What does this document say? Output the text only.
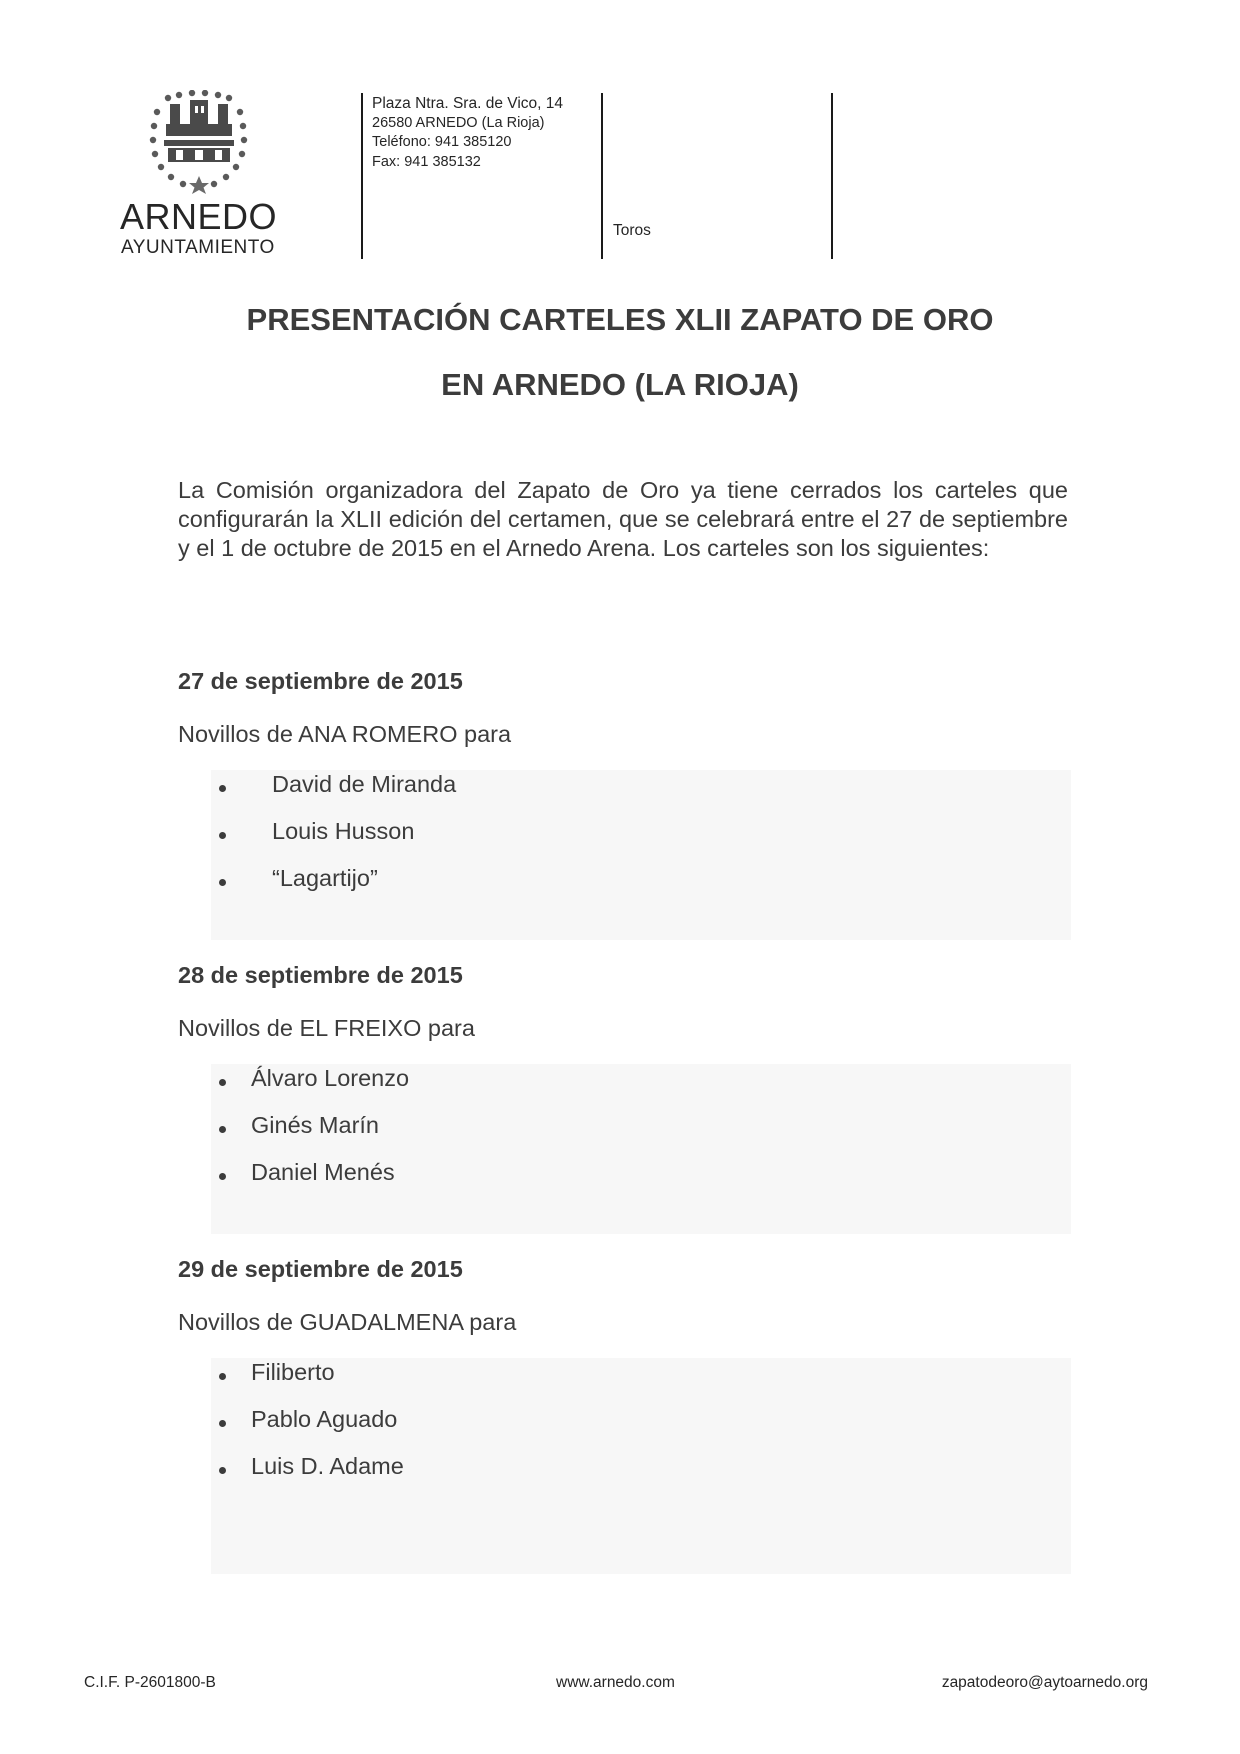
ARNEDO
AYUNTAMIENTO
Plaza Ntra. Sra. de Vico, 14
26580 ARNEDO (La Rioja)
Teléfono: 941 385120
Fax: 941 385132
Toros
PRESENTACIÓN CARTELES XLII ZAPATO DE ORO
EN ARNEDO (LA RIOJA)
La Comisión organizadora del Zapato de Oro ya tiene cerrados los carteles que configurarán la XLII edición del certamen, que se celebrará entre el 27 de septiembre y el 1 de octubre de 2015 en el Arnedo Arena. Los carteles son los siguientes:
27 de septiembre de 2015
Novillos de ANA ROMERO para
David de Miranda
Louis Husson
“Lagartijo”
28 de septiembre de 2015
Novillos de EL FREIXO para
Álvaro Lorenzo
Ginés Marín
Daniel Menés
29 de septiembre de 2015
Novillos de GUADALMENA para
Filiberto
Pablo Aguado
Luis D. Adame
C.I.F. P-2601800-B	www.arnedo.com	zapatodeoro@aytoarnedo.org
